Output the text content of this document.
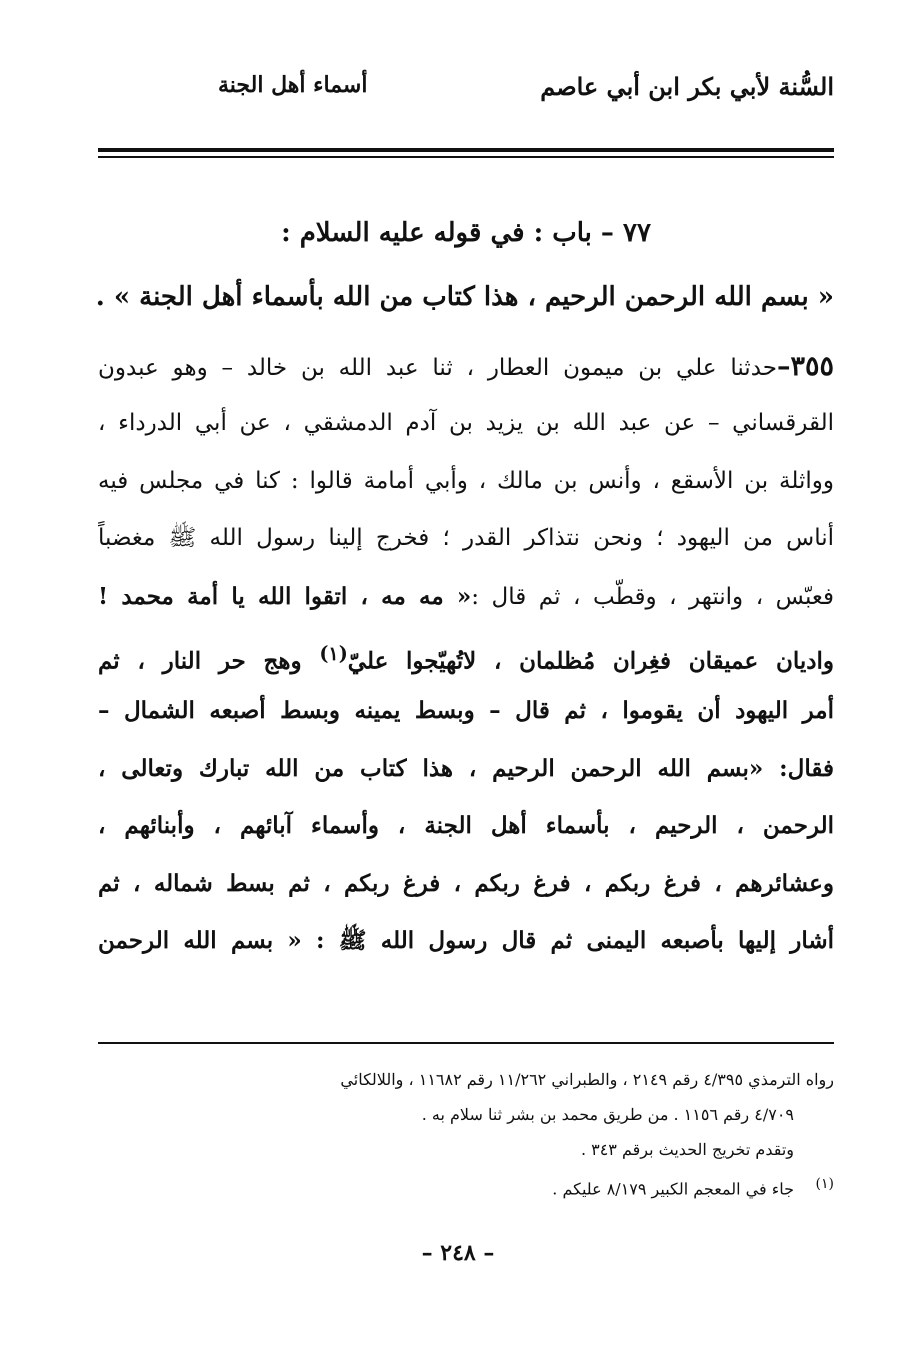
السُّنة لأبي بكر ابن أبي عاصم
أسماء أهل الجنة
٧٧ – باب : في قوله عليه السلام :
« بسم الله الرحمن الرحيم ، هذا كتاب من الله بأسماء أهل الجنة » .
٣٥٥–حدثنا علي بن ميمون العطار ، ثنا عبد الله بن خالد – وهو عبدون
القرقساني – عن عبد الله بن يزيد بن آدم الدمشقي ، عن أبي الدرداء ،
وواثلة بن الأسقع ، وأنس بن مالك ، وأبي أمامة قالوا : كنا في مجلس فيه
أناس من اليهود ؛ ونحن نتذاكر القدر ؛ فخرج إلينا رسول الله ﷺ مغضباً
فعبّس ، وانتهر ، وقطّب ، ثم قال :« مه مه ، اتقوا الله يا أمة محمد !
واديان عميقان فغِران مُظلمان ، لاتُهيّجوا عليّ$^{(١)}$ وهج حر النار ، ثم
أمر اليهود أن يقوموا ، ثم قال – وبسط يمينه وبسط أصبعه الشمال –
فقال: «بسم الله الرحمن الرحيم ، هذا كتاب من الله تبارك وتعالى ،
الرحمن ، الرحيم ، بأسماء أهل الجنة ، وأسماء آبائهم ، وأبنائهم ،
وعشائرهم ، فرغ ربكم ، فرغ ربكم ، فرغ ربكم ، ثم بسط شماله ، ثم
أشار إليها بأصبعه اليمنى ثم قال رسول الله ﷺ : « بسم الله الرحمن
رواه الترمذي ٤/٣٩٥ رقم ٢١٤٩ ، والطبراني ١١/٢٦٢ رقم ١١٦٨٢ ، واللالكائي
٤/٧٠٩ رقم ١١٥٦ . من طريق محمد بن بشر ثنا سلام به .
وتقدم تخريج الحديث برقم ٣٤٣ .
(١)جاء في المعجم الكبير ٨/١٧٩ عليكم .
– ٢٤٨ –
